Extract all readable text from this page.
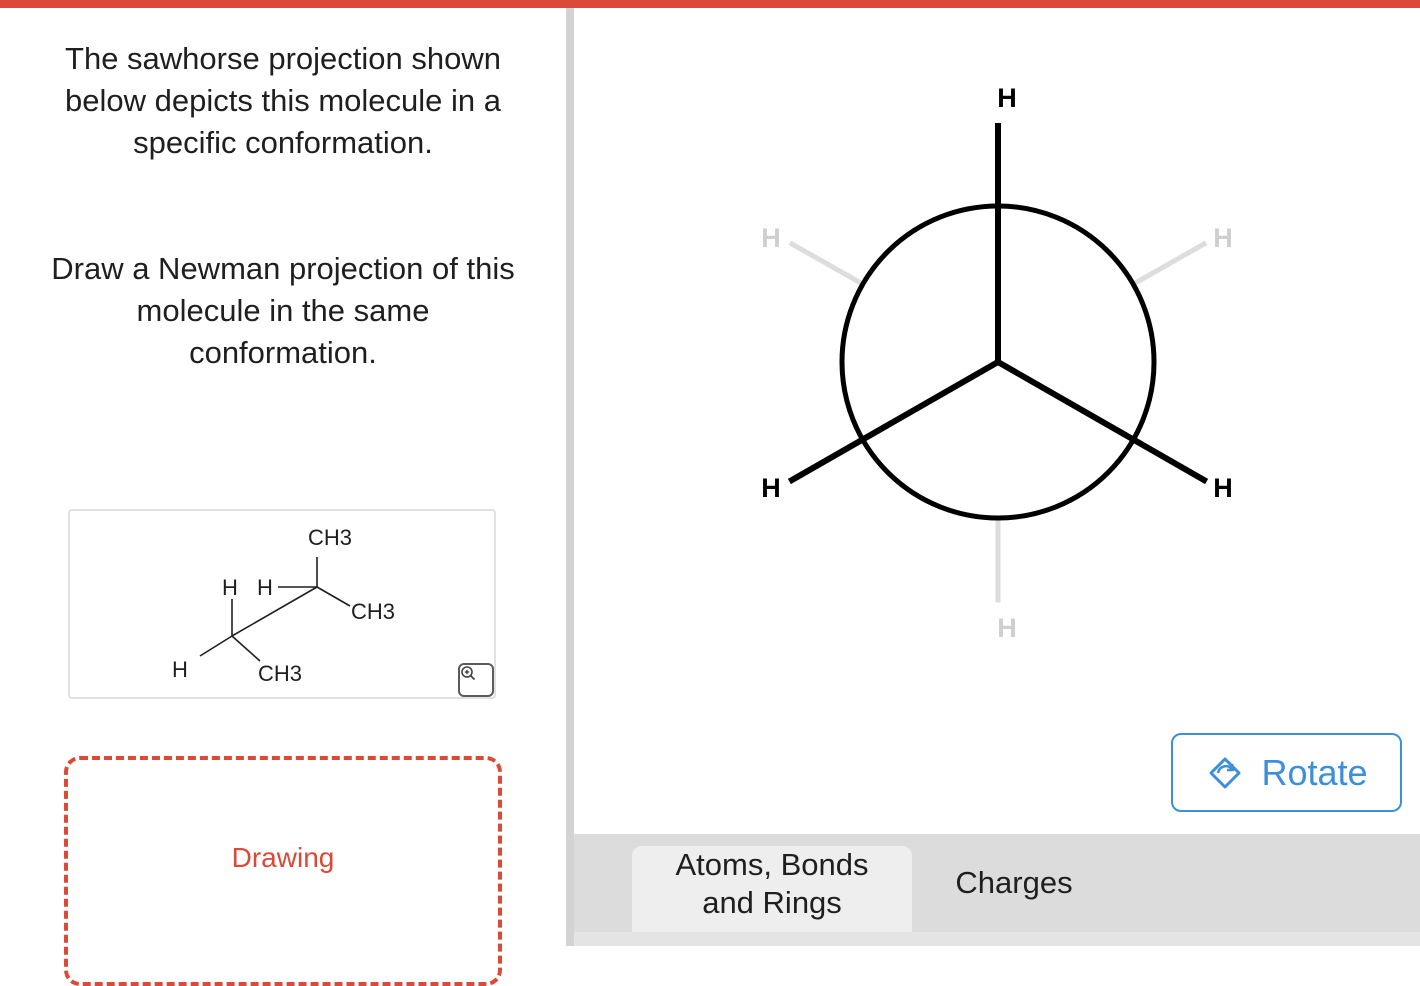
The sawhorse projection shown below depicts this molecule in a specific conformation.

Draw a Newman projection of this molecule in the same conformation.

CH3
H H
CH3
H	CH3
Drawing
H
H	H
H	H
H
Rotate
Atoms, Bonds and Rings
Charges
